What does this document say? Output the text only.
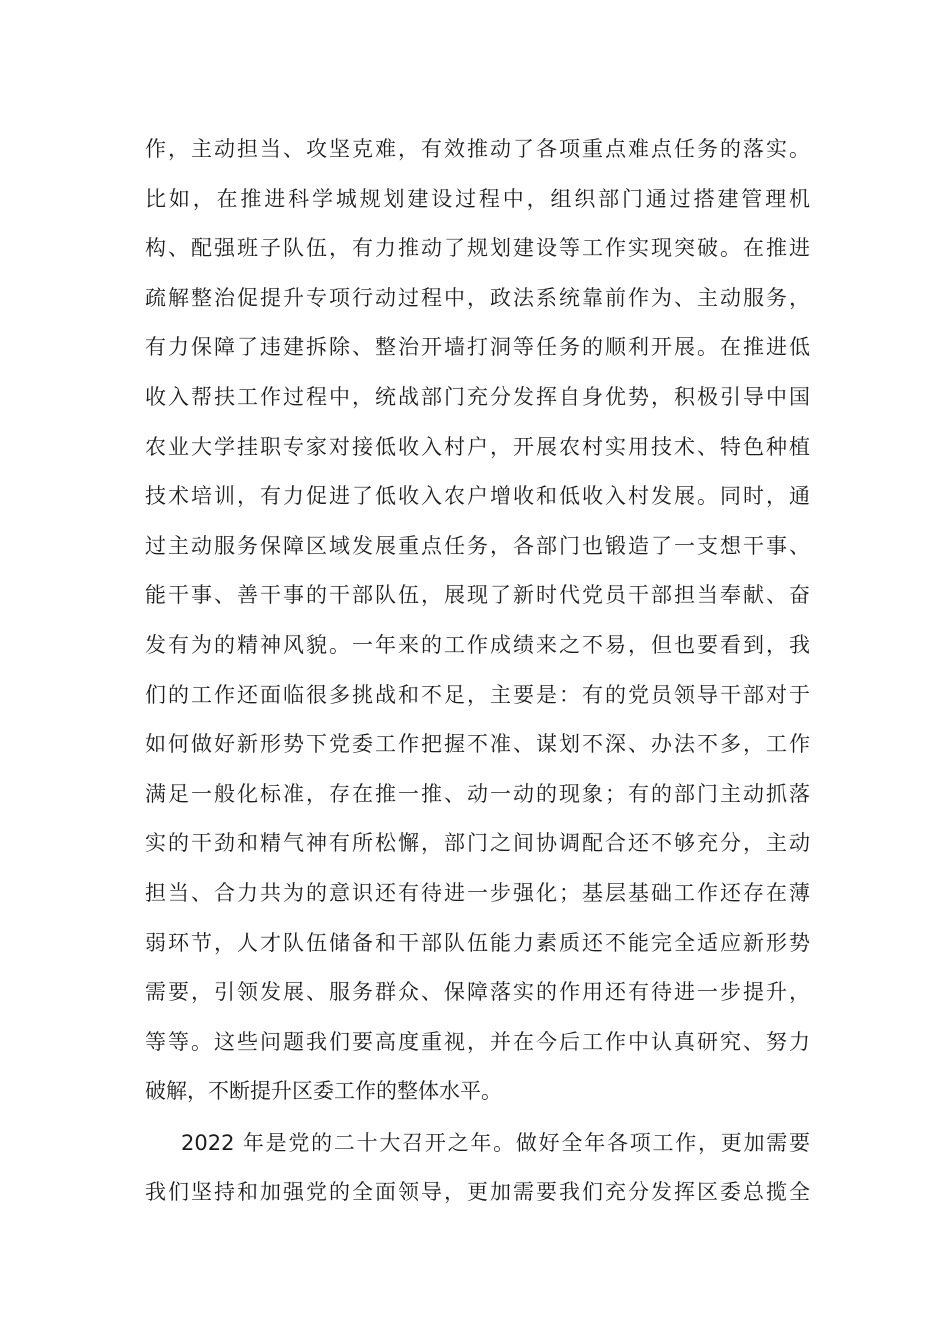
作，主动担当、攻坚克难，有效推动了各项重点难点任务的落实。
比如，在推进科学城规划建设过程中，组织部门通过搭建管理机
构、配强班子队伍，有力推动了规划建设等工作实现突破。在推进
疏解整治促提升专项行动过程中，政法系统靠前作为、主动服务，
有力保障了违建拆除、整治开墙打洞等任务的顺利开展。在推进低
收入帮扶工作过程中，统战部门充分发挥自身优势，积极引导中国
农业大学挂职专家对接低收入村户，开展农村实用技术、特色种植
技术培训，有力促进了低收入农户增收和低收入村发展。同时，通
过主动服务保障区域发展重点任务，各部门也锻造了一支想干事、
能干事、善干事的干部队伍，展现了新时代党员干部担当奉献、奋
发有为的精神风貌。一年来的工作成绩来之不易，但也要看到，我
们的工作还面临很多挑战和不足，主要是：有的党员领导干部对于
如何做好新形势下党委工作把握不准、谋划不深、办法不多，工作
满足一般化标准，存在推一推、动一动的现象；有的部门主动抓落
实的干劲和精气神有所松懈，部门之间协调配合还不够充分，主动
担当、合力共为的意识还有待进一步强化；基层基础工作还存在薄
弱环节，人才队伍储备和干部队伍能力素质还不能完全适应新形势
需要，引领发展、服务群众、保障落实的作用还有待进一步提升，
等等。这些问题我们要高度重视，并在今后工作中认真研究、努力
破解，不断提升区委工作的整体水平。
2022 年是党的二十大召开之年。做好全年各项工作，更加需要
我们坚持和加强党的全面领导，更加需要我们充分发挥区委总揽全
